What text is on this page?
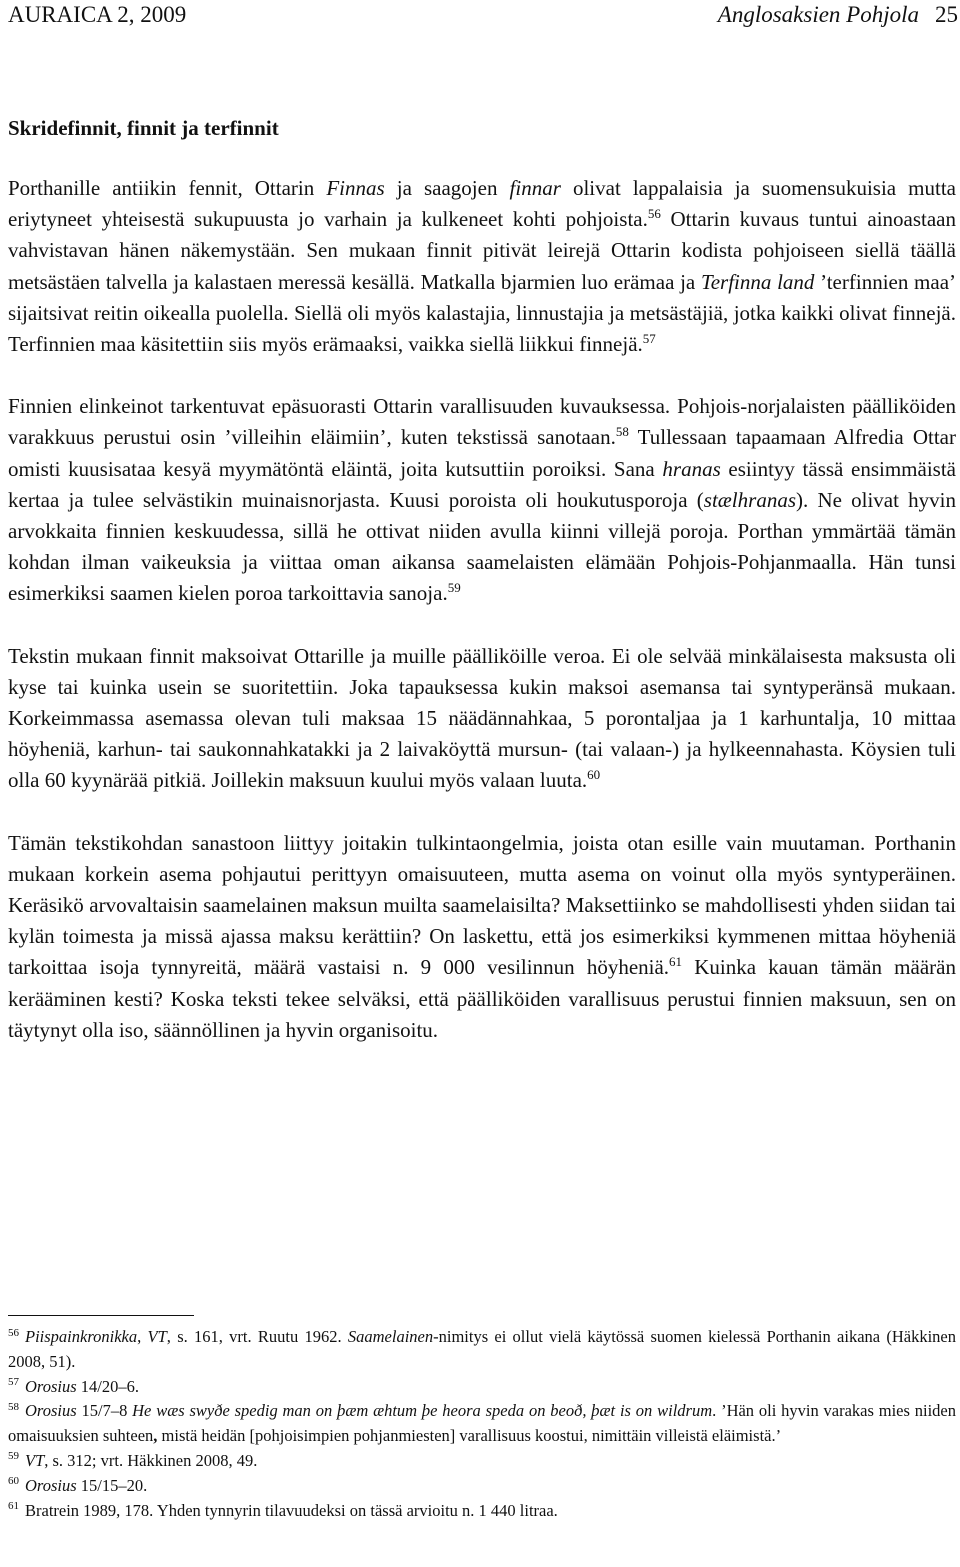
AURAICA 2, 2009	Anglosaksien Pohjola 25
Skridefinnit, finnit ja terfinnit

Porthanille antiikin fennit, Ottarin Finnas ja saagojen finnar olivat lappalaisia ja suomensukuisia mutta eriytyneet yhteisestä sukupuusta jo varhain ja kulkeneet kohti pohjoista.$^{56}$ Ottarin kuvaus tuntui ainoastaan vahvistavan hänen näkemystään. Sen mukaan finnit pitivät leirejä Ottarin kodista pohjoiseen siellä täällä metsästäen talvella ja kalastaen meressä kesällä. Matkalla bjarmien luo erämaa ja Terfinna land ’terfinnien maa’ sijaitsivat reitin oikealla puolella. Siellä oli myös kalastajia, linnustajia ja metsästäjiä, jotka kaikki olivat finnejä. Terfinnien maa käsitettiin siis myös erämaaksi, vaikka siellä liikkui finnejä.$^{57}$

Finnien elinkeinot tarkentuvat epäsuorasti Ottarin varallisuuden kuvauksessa. Pohjois-norjalaisten päälliköiden varakkuus perustui osin ’villeihin eläimiin’, kuten tekstissä sanotaan.$^{58}$ Tullessaan tapaamaan Alfredia Ottar omisti kuusisataa kesyä myymätöntä eläintä, joita kutsuttiin poroiksi. Sana hranas esiintyy tässä ensimmäistä kertaa ja tulee selvästikin muinaisnorjasta. Kuusi poroista oli houkutusporoja (stælhranas). Ne olivat hyvin arvokkaita finnien keskuudessa, sillä he ottivat niiden avulla kiinni villejä poroja. Porthan ymmärtää tämän kohdan ilman vaikeuksia ja viittaa oman aikansa saamelaisten elämään Pohjois-Pohjanmaalla. Hän tunsi esimerkiksi saamen kielen poroa tarkoittavia sanoja.$^{59}$

Tekstin mukaan finnit maksoivat Ottarille ja muille päälliköille veroa. Ei ole selvää minkälaisesta maksusta oli kyse tai kuinka usein se suoritettiin. Joka tapauksessa kukin maksoi asemansa tai syntyperänsä mukaan. Korkeimmassa asemassa olevan tuli maksaa 15 näädännahkaa, 5 porontaljaa ja 1 karhuntalja, 10 mittaa höyheniä, karhun- tai saukonnahkatakki ja 2 laivaköyttä mursun- (tai valaan-) ja hylkeennahasta. Köysien tuli olla 60 kyynärää pitkiä. Joillekin maksuun kuului myös valaan luuta.$^{60}$

Tämän tekstikohdan sanastoon liittyy joitakin tulkintaongelmia, joista otan esille vain muutaman. Porthanin mukaan korkein asema pohjautui perittyyn omaisuuteen, mutta asema on voinut olla myös syntyperäinen. Keräsikö arvovaltaisin saamelainen maksun muilta saamelaisilta? Maksettiinko se mahdollisesti yhden siidan tai kylän toimesta ja missä ajassa maksu kerättiin? On laskettu, että jos esimerkiksi kymmenen mittaa höyheniä tarkoittaa isoja tynnyreitä, määrä vastaisi n. 9 000 vesilinnun höyheniä.$^{61}$ Kuinka kauan tämän määrän kerääminen kesti? Koska teksti tekee selväksi, että päälliköiden varallisuus perustui finnien maksuun, sen on täytynyt olla iso, säännöllinen ja hyvin organisoitu.

$^{56}$ Piispainkronikka, VT, s. 161, vrt. Ruutu 1962. Saamelainen-nimitys ei ollut vielä käytössä suomen kielessä Porthanin aikana (Häkkinen 2008, 51).

$^{57}$ Orosius 14/20–6.

$^{58}$ Orosius 15/7–8 He wæs swyðe spedig man on þæm æhtum þe heora speda on beoð, þæt is on wildrum. ’Hän oli hyvin varakas mies niiden omaisuuksien suhteen, mistä heidän [pohjoisimpien pohjanmiesten] varallisuus koostui, nimittäin villeistä eläimistä.’

$^{59}$ VT, s. 312; vrt. Häkkinen 2008, 49.

$^{60}$ Orosius 15/15–20.

$^{61}$ Bratrein 1989, 178. Yhden tynnyrin tilavuudeksi on tässä arvioitu n. 1 440 litraa.
